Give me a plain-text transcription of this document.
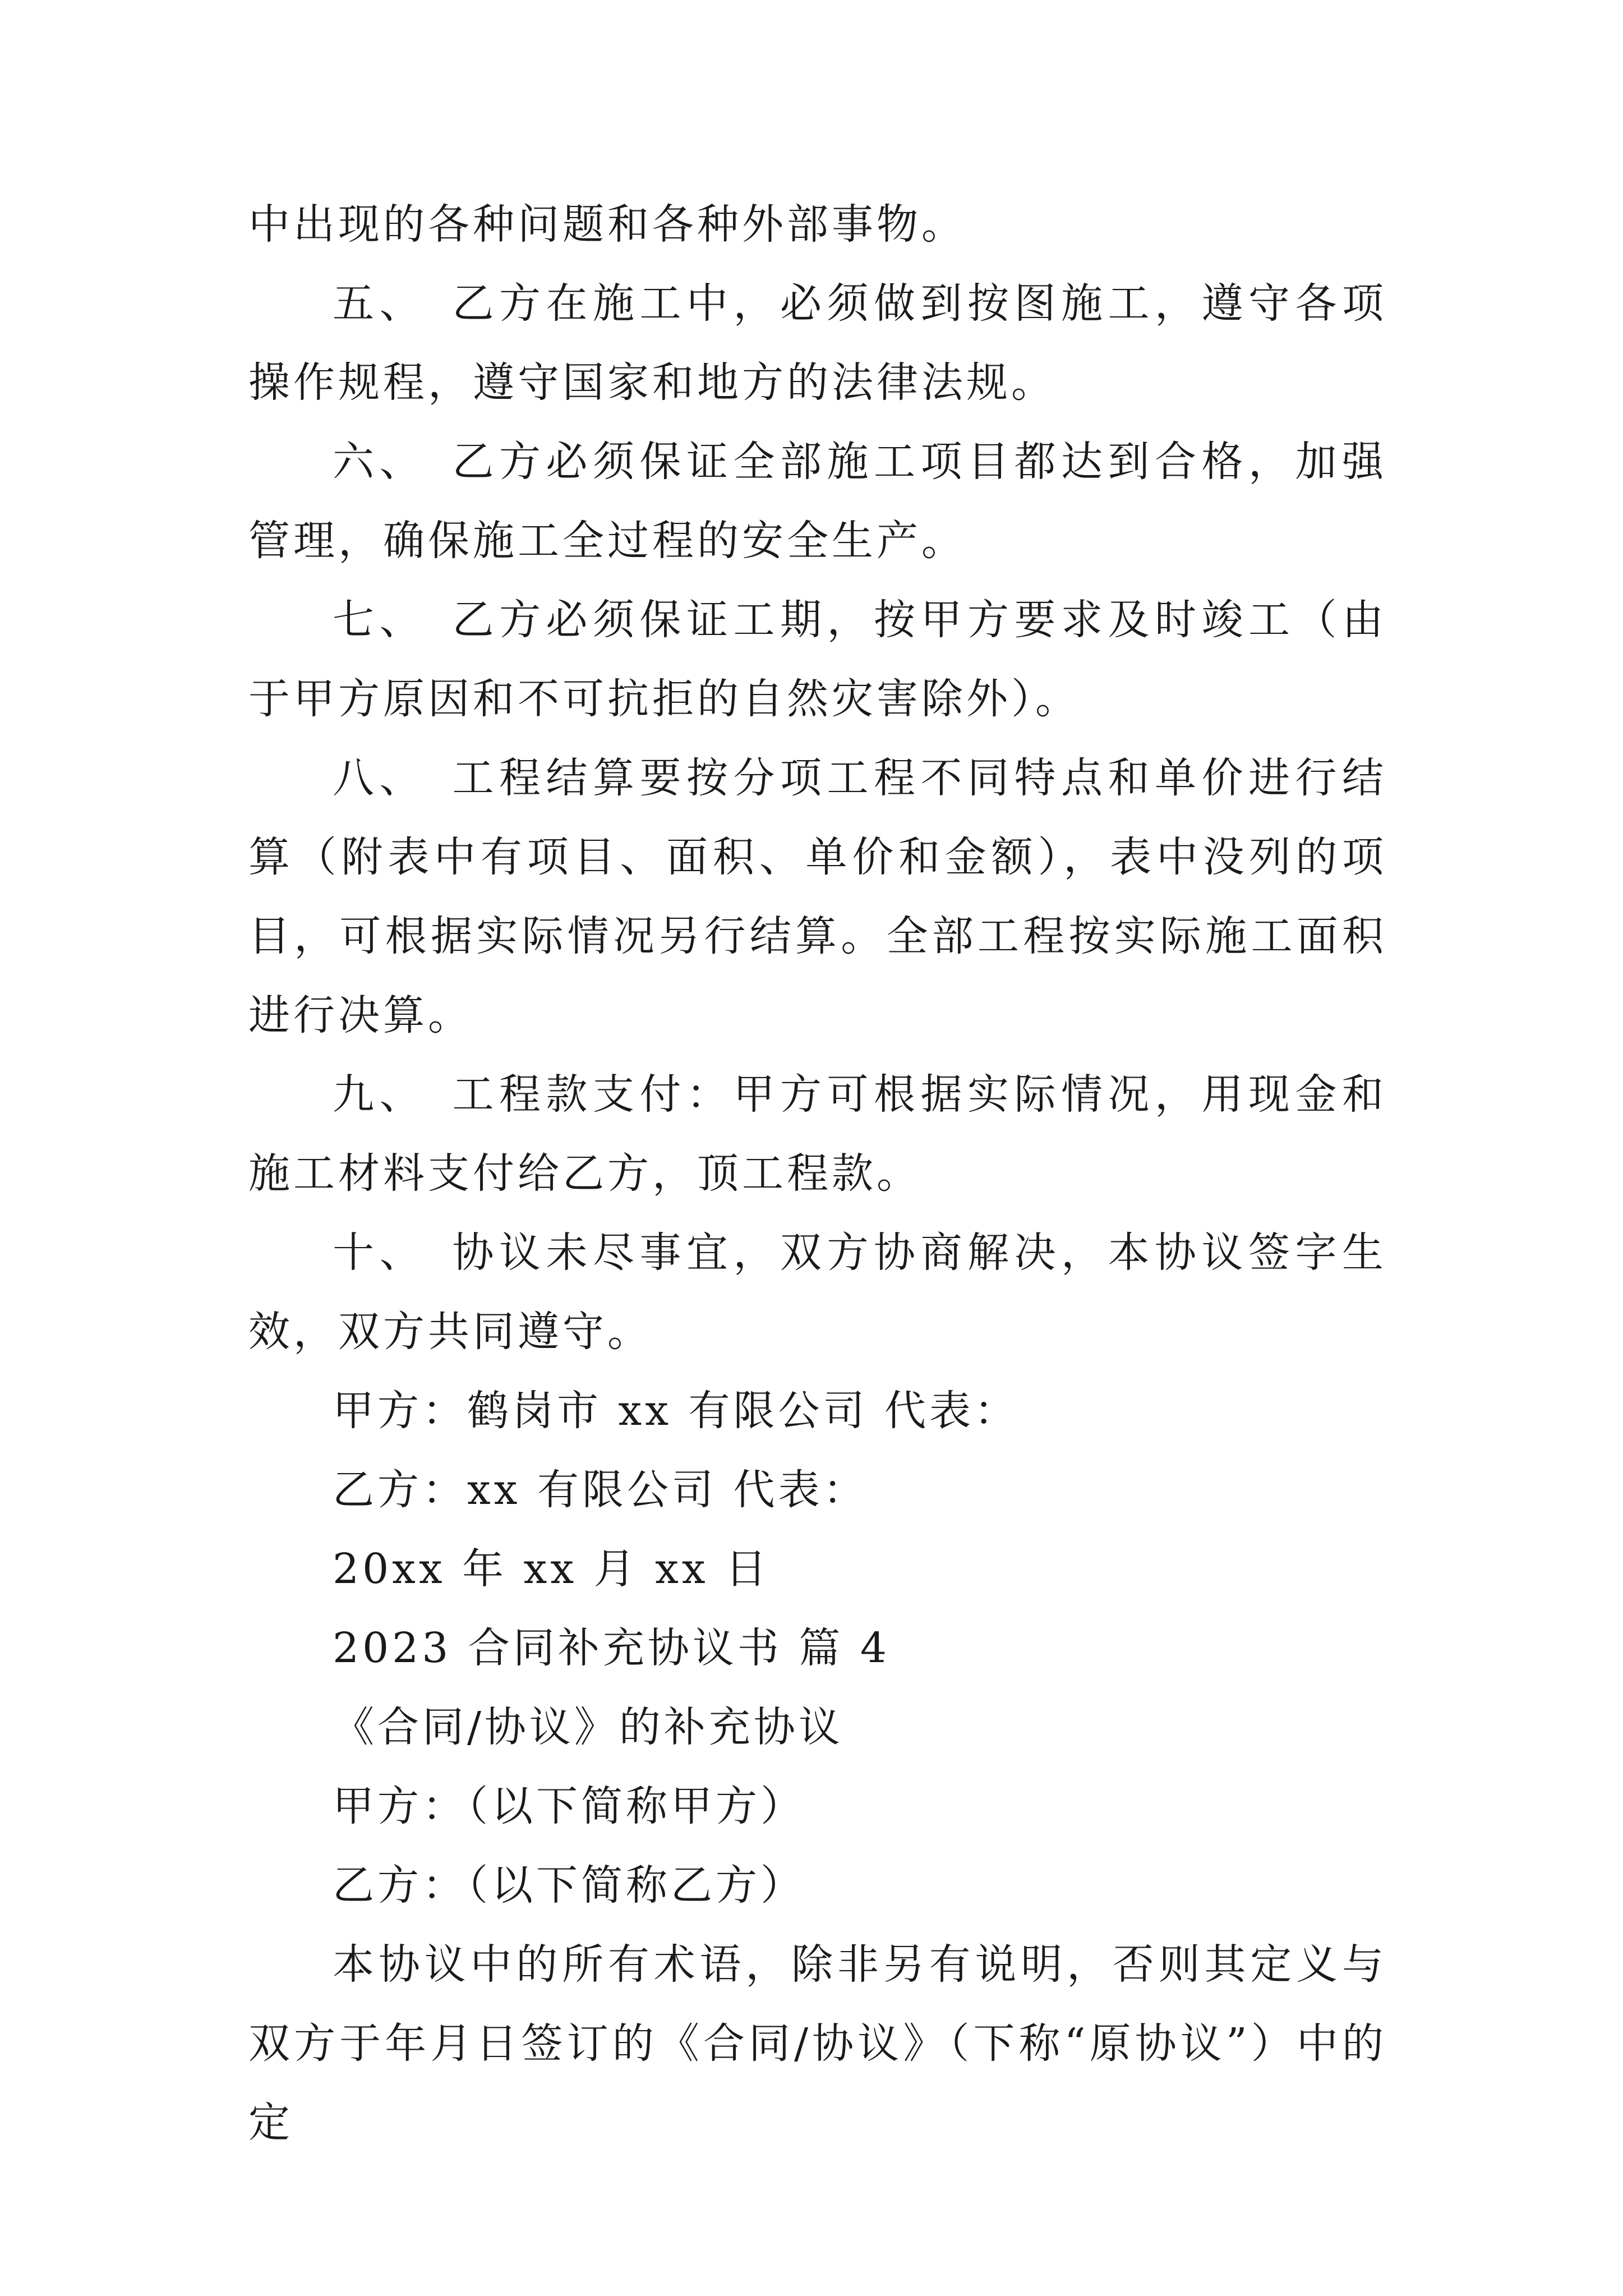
中出现的各种问题和各种外部事物。

五、　乙方在施工中，必须做到按图施工，遵守各项操作规程，遵守国家和地方的法律法规。

六、　乙方必须保证全部施工项目都达到合格，加强管理，确保施工全过程的安全生产。

七、　乙方必须保证工期，按甲方要求及时竣工（由于甲方原因和不可抗拒的自然灾害除外）。

八、　工程结算要按分项工程不同特点和单价进行结算（附表中有项目、面积、单价和金额），表中没列的项目，可根据实际情况另行结算。全部工程按实际施工面积进行决算。

九、　工程款支付：甲方可根据实际情况，用现金和施工材料支付给乙方，顶工程款。

十、　协议未尽事宜，双方协商解决，本协议签字生效，双方共同遵守。

甲方：鹤岗市 xx 有限公司 代表：

乙方：xx 有限公司 代表：

20xx 年 xx 月 xx 日

2023 合同补充协议书 篇 4

《合同/协议》的补充协议

甲方：（以下简称甲方）

乙方：（以下简称乙方）

本协议中的所有术语，除非另有说明，否则其定义与双方于年月日签订的《合同/协议》（下称“原协议”）中的定
